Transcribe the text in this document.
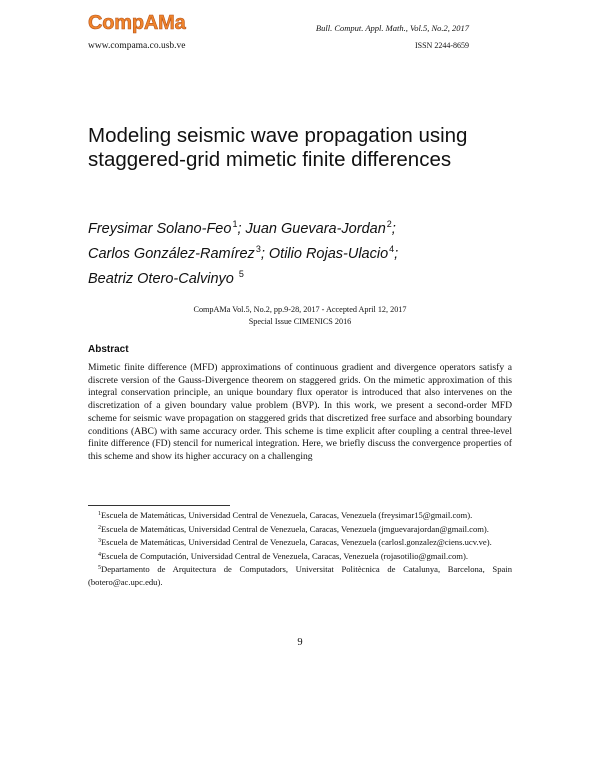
CompAMa
www.compama.co.usb.ve
Bull. Comput. Appl. Math., Vol.5, No.2, 2017
ISSN 2244-8659
Modeling seismic wave propagation using staggered-grid mimetic finite differences
Freysimar Solano-Feo$^1$; Juan Guevara-Jordan$^2$;
Carlos González-Ramírez$^3$; Otilio Rojas-Ulacio$^4$;
Beatriz Otero-Calvinyo $^5$
CompAMa Vol.5, No.2, pp.9-28, 2017 - Accepted April 12, 2017
Special Issue CIMENICS 2016
Abstract
Mimetic finite difference (MFD) approximations of continuous gradient and divergence operators satisfy a discrete version of the Gauss-Divergence theorem on staggered grids. On the mimetic approximation of this integral conservation principle, an unique boundary flux operator is introduced that also intervenes on the discretization of a given boundary value problem (BVP). In this work, we present a second-order MFD scheme for seismic wave propagation on staggered grids that discretized free surface and absorbing boundary conditions (ABC) with same accuracy order. This scheme is time explicit after coupling a central three-level finite difference (FD) stencil for numerical integration. Here, we briefly discuss the convergence properties of this scheme and show its higher accuracy on a challenging
$^1$Escuela de Matemáticas, Universidad Central de Venezuela, Caracas, Venezuela (freysimar15@gmail.com).
$^2$Escuela de Matemáticas, Universidad Central de Venezuela, Caracas, Venezuela (jmguevarajordan@gmail.com).
$^3$Escuela de Matemáticas, Universidad Central de Venezuela, Caracas, Venezuela (carlosl.gonzalez@ciens.ucv.ve).
$^4$Escuela de Computación, Universidad Central de Venezuela, Caracas, Venezuela (rojasotilio@gmail.com).
$^5$Departamento de Arquitectura de Computadors, Universitat Politècnica de Catalunya, Barcelona, Spain (botero@ac.upc.edu).
9
